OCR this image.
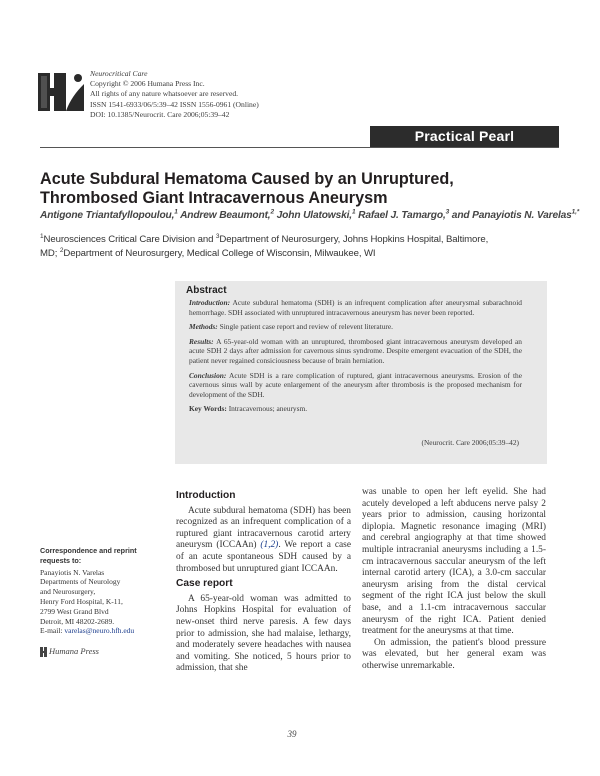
Neurocritical Care
Copyright © 2006 Humana Press Inc.
All rights of any nature whatsoever are reserved.
ISSN 1541-6933/06/5:39–42 ISSN 1556-0961 (Online)
DOI: 10.1385/Neurocrit. Care 2006;05:39–42
Practical Pearl
Acute Subdural Hematoma Caused by an Unruptured,
Thrombosed Giant Intracavernous Aneurysm
Antigone Triantafyllopoulou,$^1$ Andrew Beaumont,$^2$ John Ulatowski,$^1$ Rafael J. Tamargo,$^3$ and Panayiotis N. Varelas$^{1,*}$
$^1$Neurosciences Critical Care Division and $^3$Department of Neurosurgery, Johns Hopkins Hospital, Baltimore,
MD; $^2$Department of Neurosurgery, Medical College of Wisconsin, Milwaukee, WI
Abstract

Introduction: Acute subdural hematoma (SDH) is an infrequent complication after aneurysmal subarachnoid hemorrhage. SDH associated with unruptured intracavernous aneurysm has never been reported.

Methods: Single patient case report and review of relevent literature.

Results: A 65-year-old woman with an unruptured, thrombosed giant intracavernous aneurysm developed an acute SDH 2 days after admission for cavernous sinus syndrome. Despite emergent evacuation of the SDH, the patient never regained consiciousness because of brain herniation.

Conclusion: Acute SDH is a rare complication of ruptured, giant intracavernous aneurysms. Erosion of the cavernous sinus wall by acute enlargement of the aneurysm after thrombosis is the proposed mechanism for development of the SDH.

Key Words: Intracavernous; aneurysm.

(Neurocrit. Care 2006;05:39–42)
Correspondence and reprint
requests to:
Panayiotis N. Varelas
Departments of Neurology
and Neurosurgery,
Henry Ford Hospital, K-11,
2799 West Grand Blvd
Detroit, MI 48202-2689.
E-mail: varelas@neuro.hfh.edu
Humana Press
Introduction

Acute subdural hematoma (SDH) has been recognized as an infrequent complication of a ruptured giant intracavernous carotid artery aneurysm (ICCAAn) (1,2). We report a case of an acute spontaneous SDH caused by a thrombosed but unruptured giant ICCAAn.

Case report

A 65-year-old woman was admitted to Johns Hopkins Hospital for evaluation of new-onset third nerve paresis. A few days prior to admission, she had malaise, lethargy, and moderately severe headaches with nausea and vomiting. She noticed, 5 hours prior to admission, that she

was unable to open her left eyelid. She had acutely developed a left abducens nerve palsy 2 years prior to admission, causing horizontal diplopia. Magnetic resonance imaging (MRI) and cerebral angiography at that time showed multiple intracranial aneurysms including a 1.5-cm intracavernous saccular aneurysm of the left internal carotid artery (ICA), a 3.0-cm saccular aneurysm arising from the distal cervical segment of the right ICA just below the skull base, and a 1.1-cm intracavernous saccular aneurysm of the right ICA. Patient denied treatment for the aneurysms at that time.

On admission, the patient's blood pressure was elevated, but her general exam was otherwise unremarkable.

39
